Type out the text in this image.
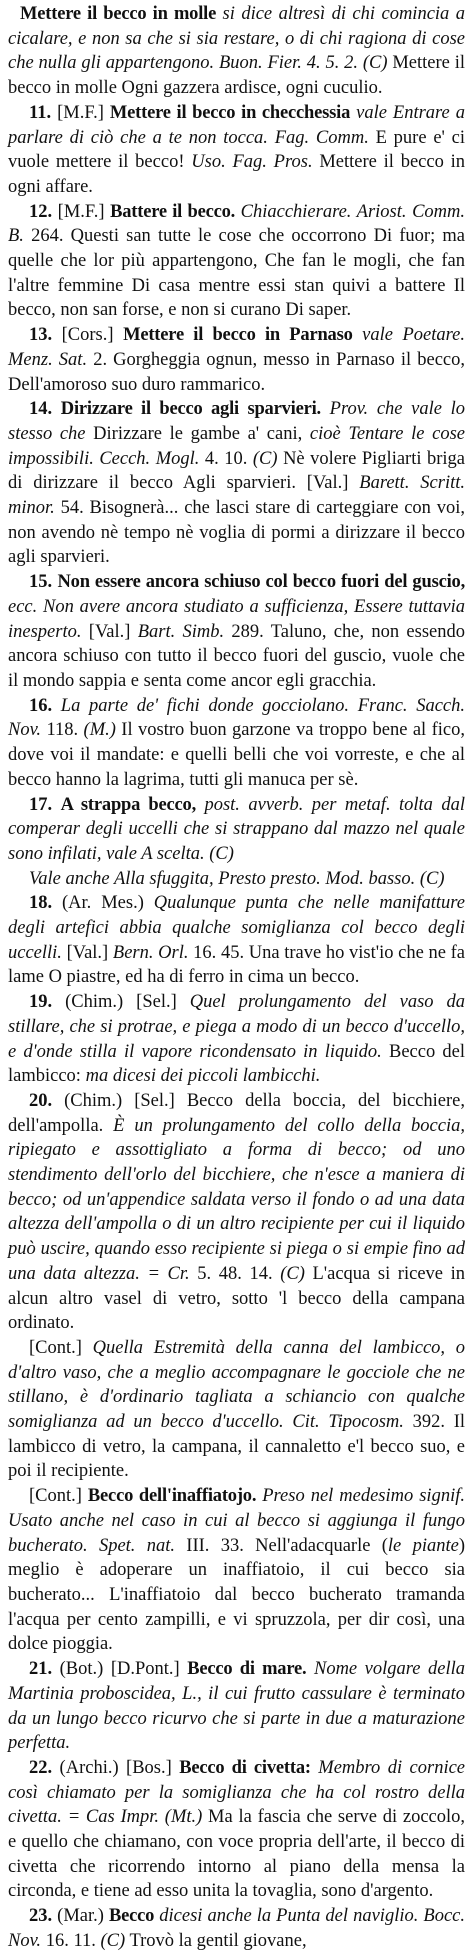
Mettere il becco in molle si dice altresì di chi comincia a cicalare, e non sa che si sia restare, o di chi ragiona di cose che nulla gli appartengono. Buon. Fier. 4. 5. 2. (C) Mettere il becco in molle Ogni gazzera ardisce, ogni cuculio.

11. [M.F.] Mettere il becco in checchessia vale Entrare a parlare di ciò che a te non tocca. Fag. Comm. E pure e' ci vuole mettere il becco! Uso. Fag. Pros. Mettere il becco in ogni affare.

12. [M.F.] Battere il becco. Chiacchierare. Ariost. Comm. B. 264. Questi san tutte le cose che occorrono Di fuor; ma quelle che lor più appartengono, Che fan le mogli, che fan l'altre femmine Di casa mentre essi stan quivi a battere Il becco, non san forse, e non si curano Di saper.

13. [Cors.] Mettere il becco in Parnaso vale Poetare. Menz. Sat. 2. Gorgheggia ognun, messo in Parnaso il becco, Dell'amoroso suo duro rammarico.

14. Dirizzare il becco agli sparvieri. Prov. che vale lo stesso che Dirizzare le gambe a' cani, cioè Tentare le cose impossibili. Cecch. Mogl. 4. 10. (C) Nè volere Pigliarti briga di dirizzare il becco Agli sparvieri. [Val.] Barett. Scritt. minor. 54. Bisognerà... che lasci stare di carteggiare con voi, non avendo nè tempo nè voglia di pormi a dirizzare il becco agli sparvieri.

15. Non essere ancora schiuso col becco fuori del guscio, ecc. Non avere ancora studiato a sufficienza, Essere tuttavia inesperto. [Val.] Bart. Simb. 289. Taluno, che, non essendo ancora schiuso con tutto il becco fuori del guscio, vuole che il mondo sappia e senta come ancor egli gracchia.

16. La parte de' fichi donde gocciolano. Franc. Sacch. Nov. 118. (M.) Il vostro buon garzone va troppo bene al fico, dove voi il mandate: e quelli belli che voi vorreste, e che al becco hanno la lagrima, tutti gli manuca per sè.

17. A strappa becco, post. avverb. per metaf. tolta dal comperar degli uccelli che si strappano dal mazzo nel quale sono infilati, vale A scelta. (C)

Vale anche Alla sfuggita, Presto presto. Mod. basso. (C)

18. (Ar. Mes.) Qualunque punta che nelle manifatture degli artefici abbia qualche somiglianza col becco degli uccelli. [Val.] Bern. Orl. 16. 45. Una trave ho vist'io che ne fa lame O piastre, ed ha di ferro in cima un becco.

19. (Chim.) [Sel.] Quel prolungamento del vaso da stillare, che si protrae, e piega a modo di un becco d'uccello, e d'onde stilla il vapore ricondensato in liquido. Becco del lambicco: ma dicesi dei piccoli lambicchi.

20. (Chim.) [Sel.] Becco della boccia, del bicchiere, dell'ampolla. È un prolungamento del collo della boccia, ripiegato e assottigliato a forma di becco; od uno stendimento dell'orlo del bicchiere, che n'esce a maniera di becco; od un'appendice saldata verso il fondo o ad una data altezza dell'ampolla o di un altro recipiente per cui il liquido può uscire, quando esso recipiente si piega o si empie fino ad una data altezza. = Cr. 5. 48. 14. (C) L'acqua si riceve in alcun altro vasel di vetro, sotto 'l becco della campana ordinato.

[Cont.] Quella Estremità della canna del lambicco, o d'altro vaso, che a meglio accompagnare le gocciole che ne stillano, è d'ordinario tagliata a schiancio con qualche somiglianza ad un becco d'uccello. Cit. Tipocosm. 392. Il lambicco di vetro, la campana, il cannaletto e'l becco suo, e poi il recipiente.

[Cont.] Becco dell'inaffiatojo. Preso nel medesimo signif. Usato anche nel caso in cui al becco si aggiunga il fungo bucherato. Spet. nat. III. 33. Nell'adacquarle (le piante) meglio è adoperare un inaffiatoio, il cui becco sia bucherato... L'inaffiatoio dal becco bucherato tramanda l'acqua per cento zampilli, e vi spruzzola, per dir così, una dolce pioggia.

21. (Bot.) [D.Pont.] Becco di mare. Nome volgare della Martinia proboscidea, L., il cui frutto cassulare è terminato da un lungo becco ricurvo che si parte in due a maturazione perfetta.

22. (Archi.) [Bos.] Becco di civetta: Membro di cornice così chiamato per la somiglianza che ha col rostro della civetta. = Cas Impr. (Mt.) Ma la fascia che serve di zoccolo, e quello che chiamano, con voce propria dell'arte, il becco di civetta che ricorrendo intorno al piano della mensa la circonda, e tiene ad esso unita la tovaglia, sono d'argento.

23. (Mar.) Becco dicesi anche la Punta del naviglio. Bocc. Nov. 16. 11. (C) Trovò la gentil giovane,
